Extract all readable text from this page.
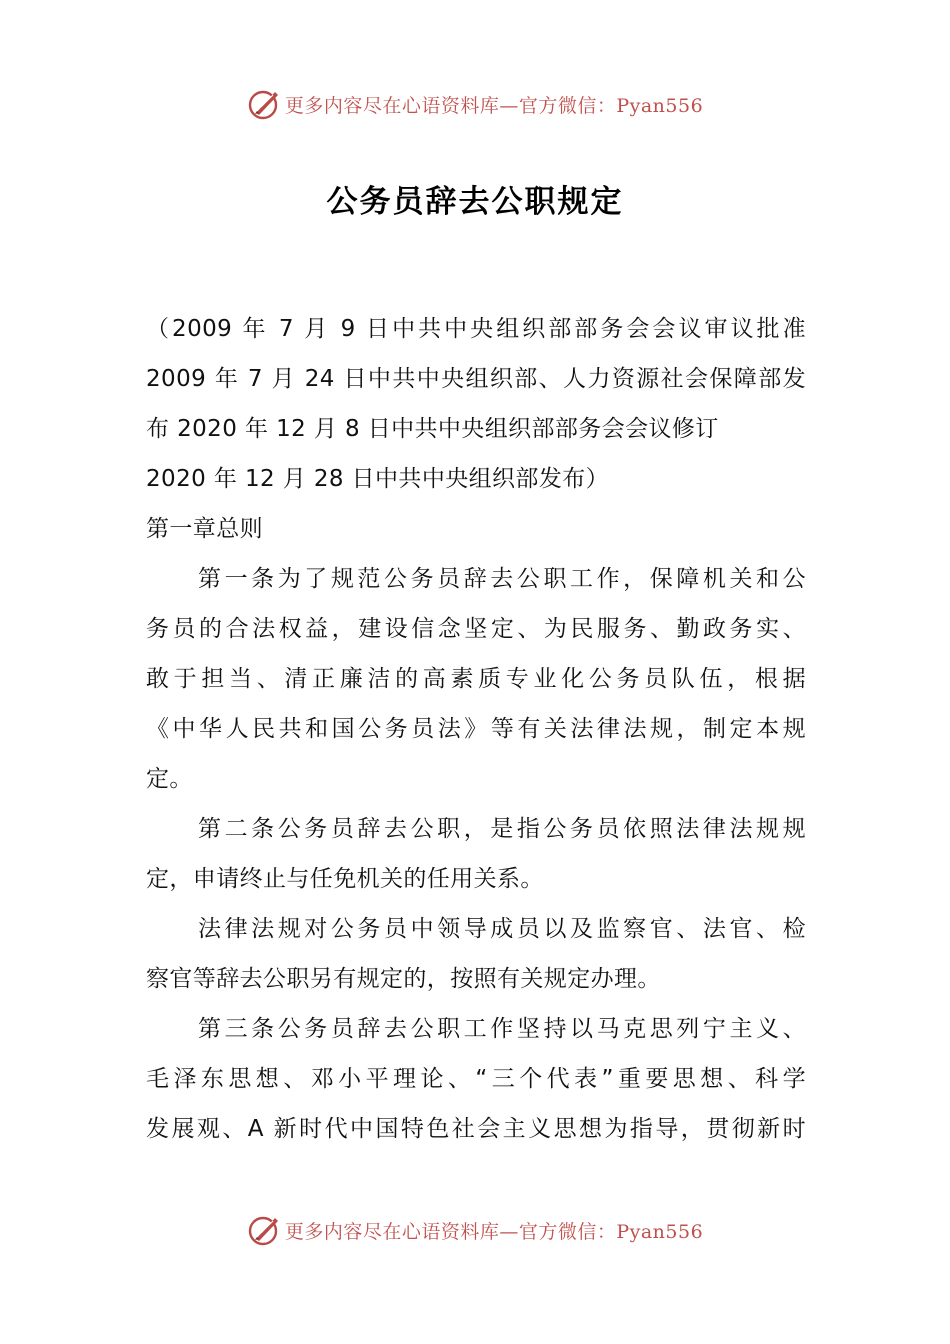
更多内容尽在心语资料库—官方微信：Pyan556
公务员辞去公职规定
（2009 年 7 月 9 日中共中央组织部部务会会议审议批准
2009 年 7 月 24 日中共中央组织部、人力资源社会保障部发
布 2020 年 12 月 8 日中共中央组织部部务会会议修订
2020 年 12 月 28 日中共中央组织部发布）
第一章总则
第一条为了规范公务员辞去公职工作，保障机关和公
务员的合法权益，建设信念坚定、为民服务、勤政务实、
敢于担当、清正廉洁的高素质专业化公务员队伍，根据
《中华人民共和国公务员法》等有关法律法规，制定本规
定。
第二条公务员辞去公职，是指公务员依照法律法规规
定，申请终止与任免机关的任用关系。
法律法规对公务员中领导成员以及监察官、法官、检
察官等辞去公职另有规定的，按照有关规定办理。
第三条公务员辞去公职工作坚持以马克思列宁主义、
毛泽东思想、邓小平理论、“三个代表”重要思想、科学
发展观、A 新时代中国特色社会主义思想为指导，贯彻新时
更多内容尽在心语资料库—官方微信：Pyan556
